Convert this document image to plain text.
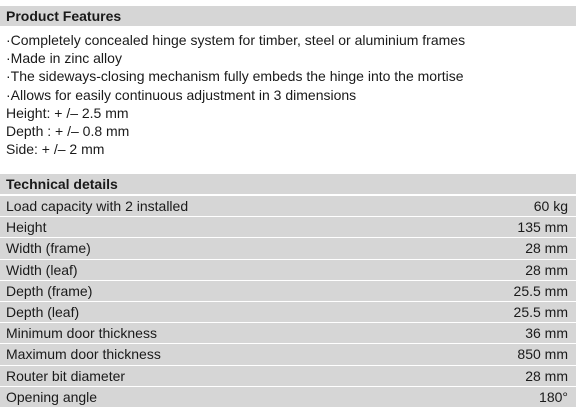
Product Features
·Completely concealed hinge system for timber, steel or aluminium frames
·Made in zinc alloy
·The sideways-closing mechanism fully embeds the hinge into the mortise
·Allows for easily continuous adjustment in 3 dimensions
Height: + /– 2.5 mm
Depth : + /– 0.8 mm
Side: + /– 2 mm
Technical details
Load capacity with 2 installed	60 kg
Height	135 mm
Width (frame)	28 mm
Width (leaf)	28 mm
Depth (frame)	25.5 mm
Depth (leaf)	25.5 mm
Minimum door thickness	36 mm
Maximum door thickness	850 mm
Router bit diameter	28 mm
Opening angle	180°
